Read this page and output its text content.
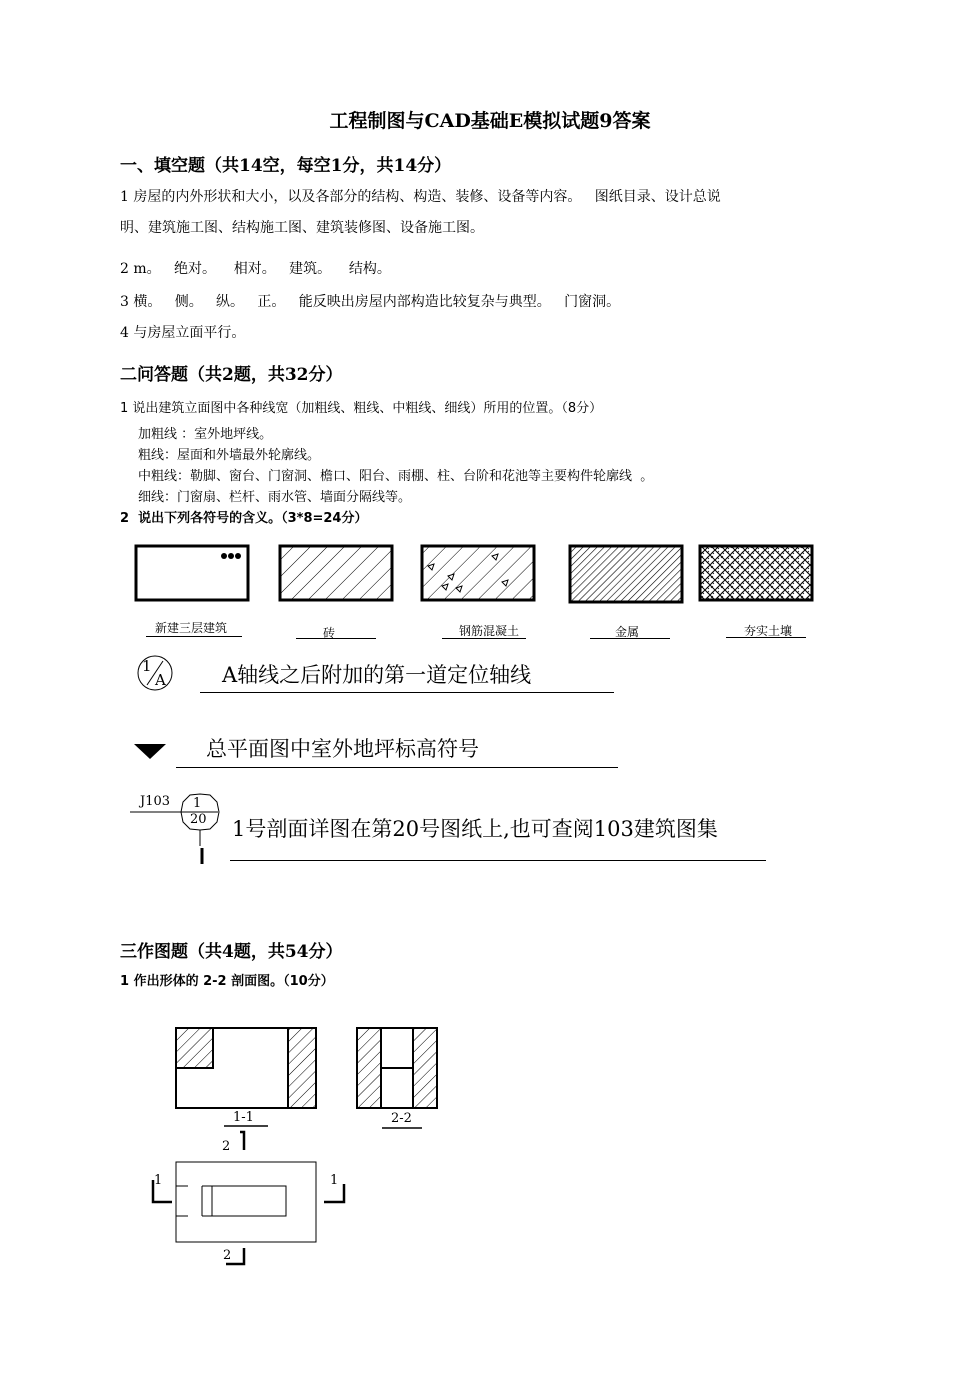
工程制图与CAD基础E模拟试题9答案
一、填空题（共14空，每空1分，共14分）
1 房屋的内外形状和大小，以及各部分的结构、构造、装修、设备等内容。   图纸目录、设计总说
明、建筑施工图、结构施工图、建筑装修图、设备施工图。
2 m。   绝对。    相对。   建筑。    结构。
3 横。   侧。   纵。   正。   能反映出房屋内部构造比较复杂与典型。   门窗洞。
4 与房屋立面平行。
二问答题（共2题，共32分）
1 说出建筑立面图中各种线宽（加粗线、粗线、中粗线、细线）所用的位置。（8分）
加粗线 ：室外地坪线。
粗线：屋面和外墙最外轮廓线。
中粗线：勒脚、窗台、门窗洞、檐口、阳台、雨棚、柱、台阶和花池等主要构件轮廓线  。
细线：门窗扇、栏杆、雨水管、墙面分隔线等。
2  说出下列各符号的含义。（3*8=24分）
新建三层建筑	砖	钢筋混凝土	金属	夯实土壤
1
A	A轴线之后附加的第一道定位轴线
总平面图中室外地坪标高符号
J103 1
20 1号剖面详图在第20号图纸上,也可查阅103建筑图集
三作图题（共4题，共54分）
1 作出形体的 2-2 剖面图。（10分）
1-1	2-2
2
1	1
2
